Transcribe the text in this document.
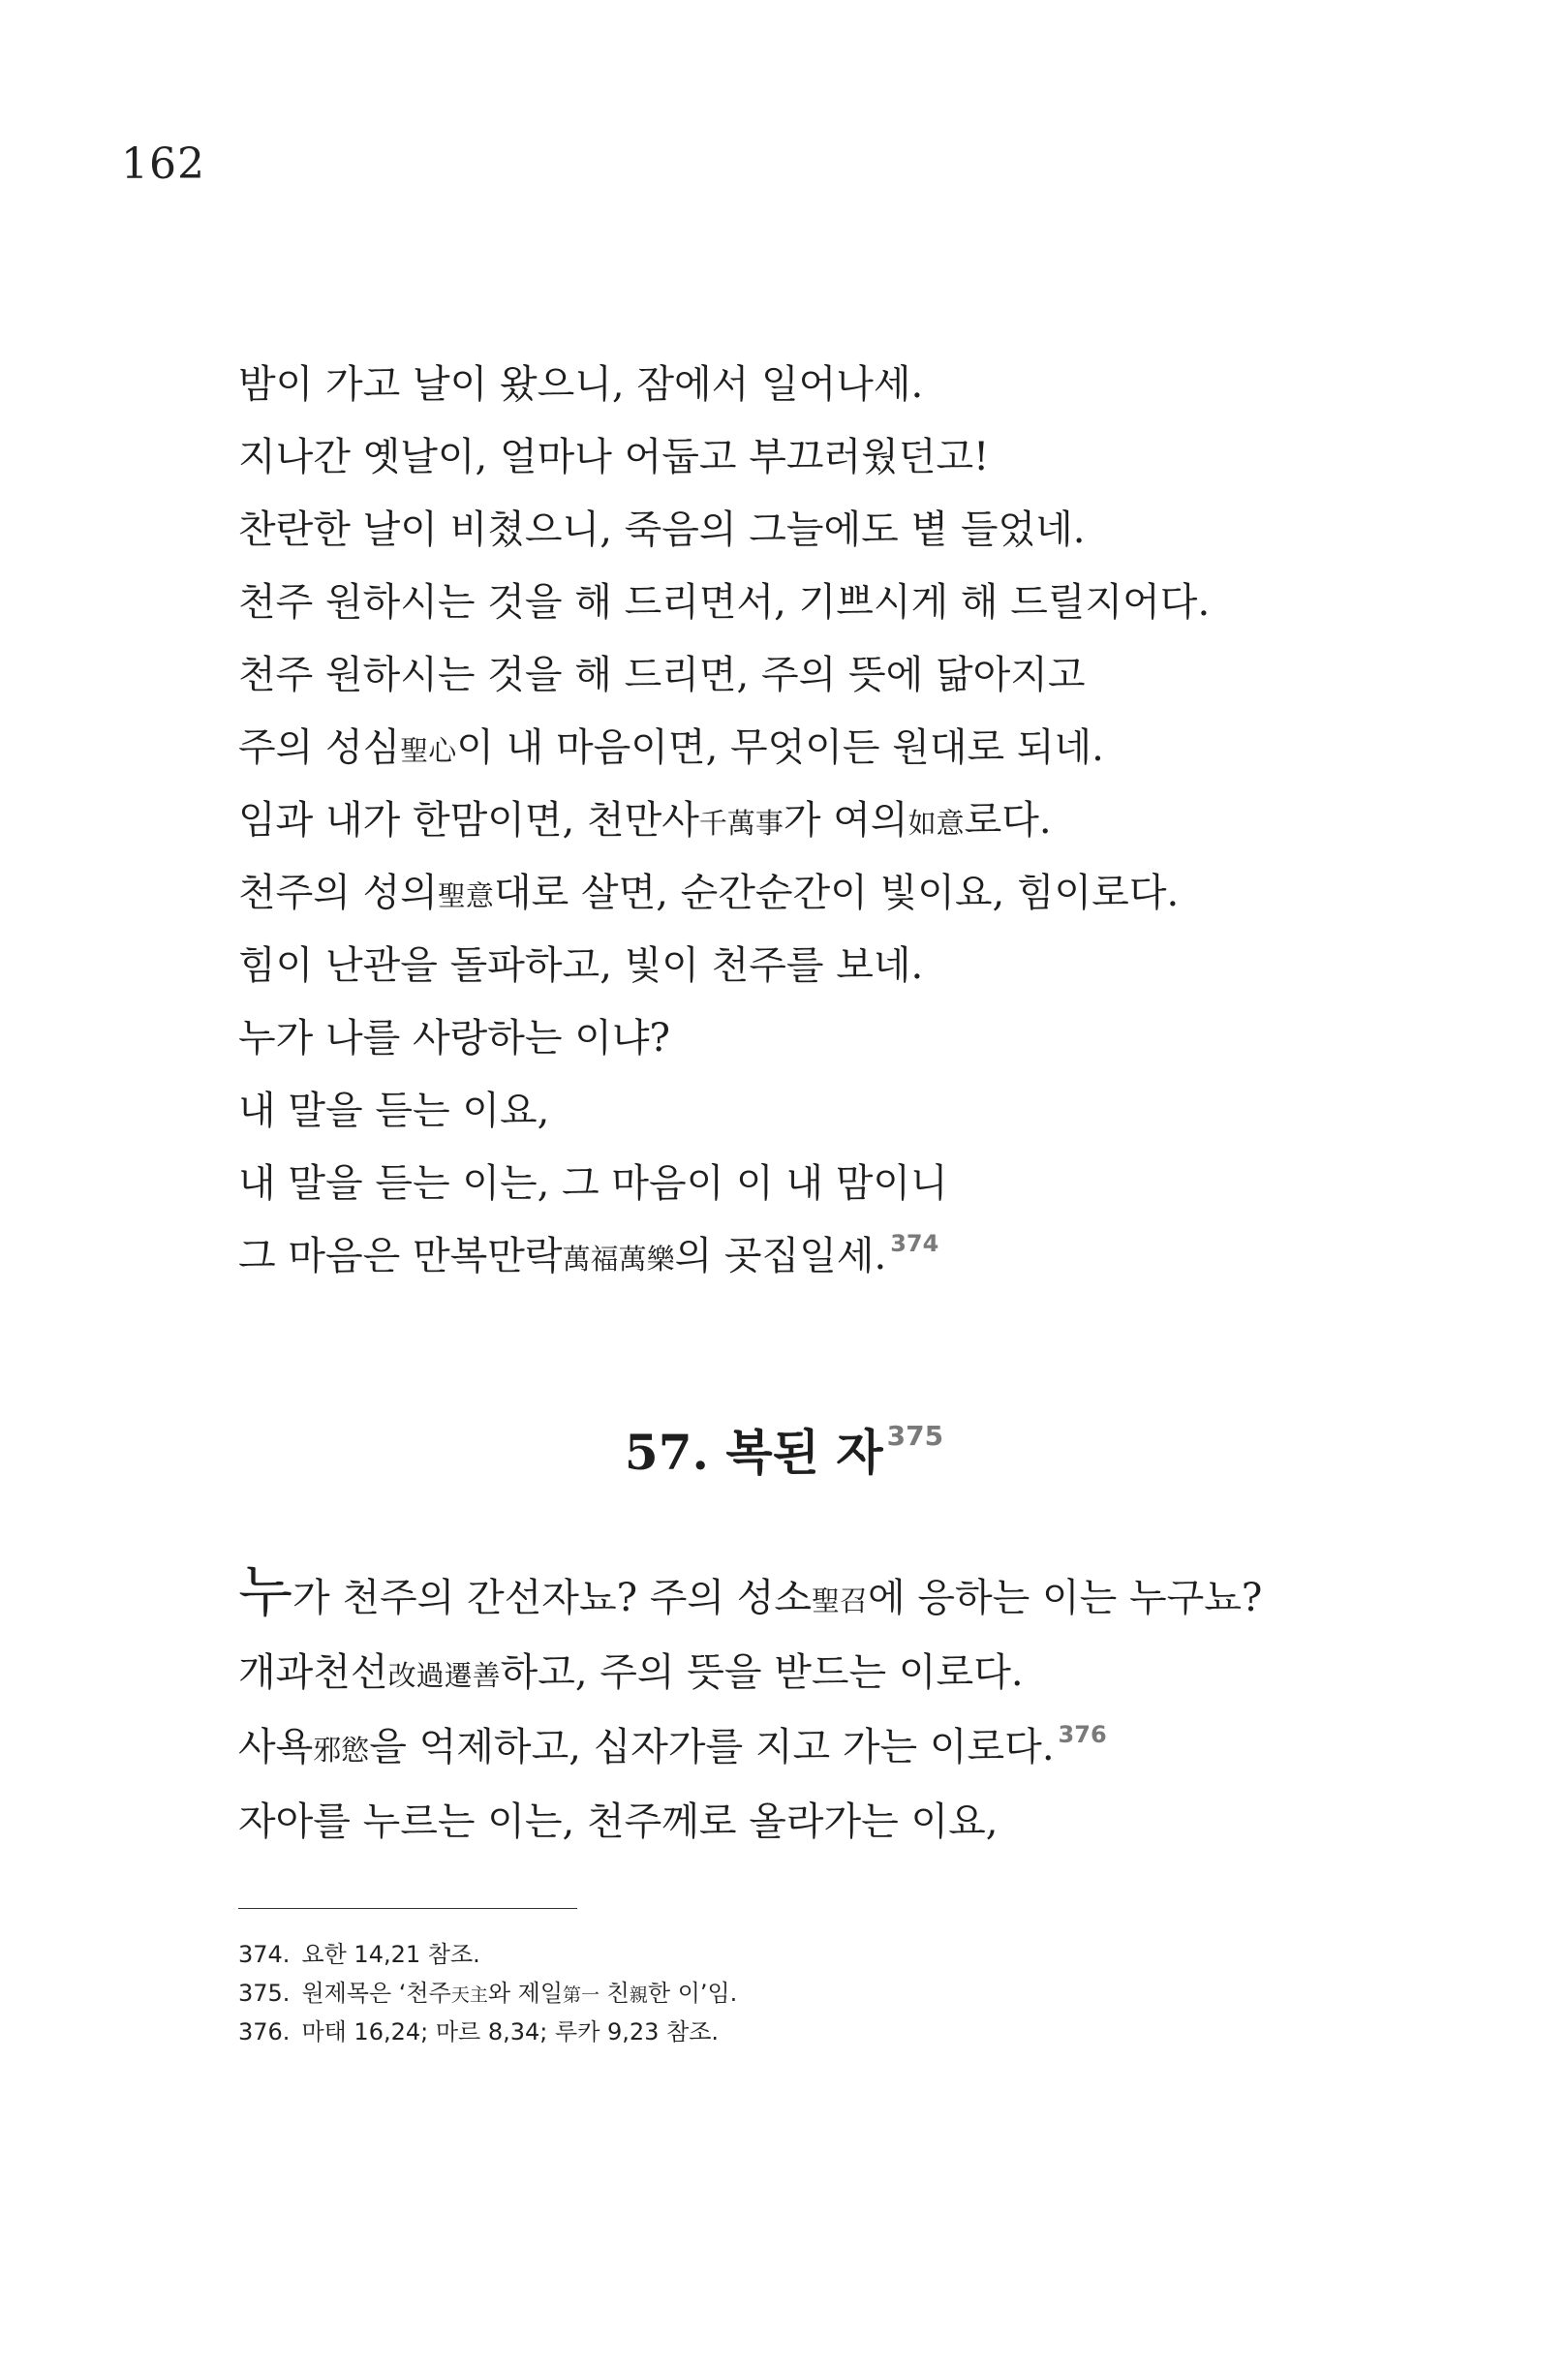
162
밤이 가고 날이 왔으니, 잠에서 일어나세.
지나간 옛날이, 얼마나 어둡고 부끄러웠던고!
찬란한 날이 비쳤으니, 죽음의 그늘에도 볕 들었네.
천주 원하시는 것을 해 드리면서, 기쁘시게 해 드릴지어다.
천주 원하시는 것을 해 드리면, 주의 뜻에 닮아지고
주의 성심聖心이 내 마음이면, 무엇이든 원대로 되네.
임과 내가 한맘이면, 천만사千萬事가 여의如意로다.
천주의 성의聖意대로 살면, 순간순간이 빛이요, 힘이로다.
힘이 난관을 돌파하고, 빛이 천주를 보네.
누가 나를 사랑하는 이냐?
내 말을 듣는 이요,
내 말을 듣는 이는, 그 마음이 이 내 맘이니
그 마음은 만복만락萬福萬樂의 곳집일세. $^{374}$
57. 복된 자 $^{375}$
누가 천주의 간선자뇨? 주의 성소聖召에 응하는 이는 누구뇨?
개과천선改過遷善하고, 주의 뜻을 받드는 이로다.
사욕邪慾을 억제하고, 십자가를 지고 가는 이로다. $^{376}$
자아를 누르는 이는, 천주께로 올라가는 이요,
374. 요한 14,21 참조.
375. 원제목은 ‘천주天主와 제일第一 친親한 이’임.
376. 마태 16,24; 마르 8,34; 루카 9,23 참조.
